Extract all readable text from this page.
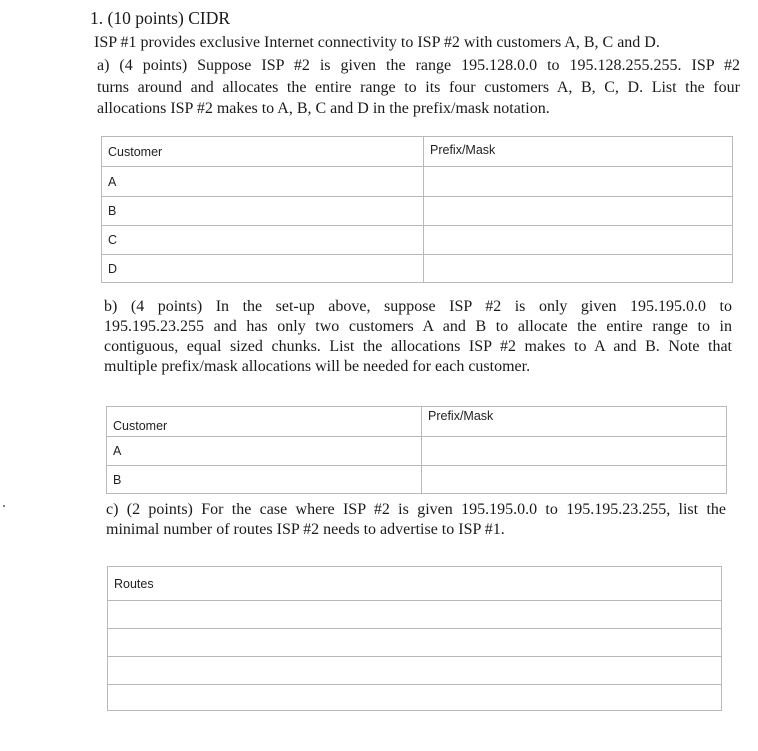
1. (10 points) CIDR

ISP #1 provides exclusive Internet connectivity to ISP #2 with customers A, B, C and D.

a) (4 points) Suppose ISP #2 is given the range 195.128.0.0 to 195.128.255.255. ISP #2
turns around and allocates the entire range to its four customers A, B, C, D. List the four
allocations ISP #2 makes to A, B, C and D in the prefix/mask notation.

Customer	Prefix/Mask
A	
B	
C	
D	

b) (4 points) In the set-up above, suppose ISP #2 is only given 195.195.0.0 to
195.195.23.255 and has only two customers A and B to allocate the entire range to in
contiguous, equal sized chunks. List the allocations ISP #2 makes to A and B. Note that
multiple prefix/mask allocations will be needed for each customer.

Customer	Prefix/Mask
A	
B	

c) (2 points) For the case where ISP #2 is given 195.195.0.0 to 195.195.23.255, list the
minimal number of routes ISP #2 needs to advertise to ISP #1.

Routes
